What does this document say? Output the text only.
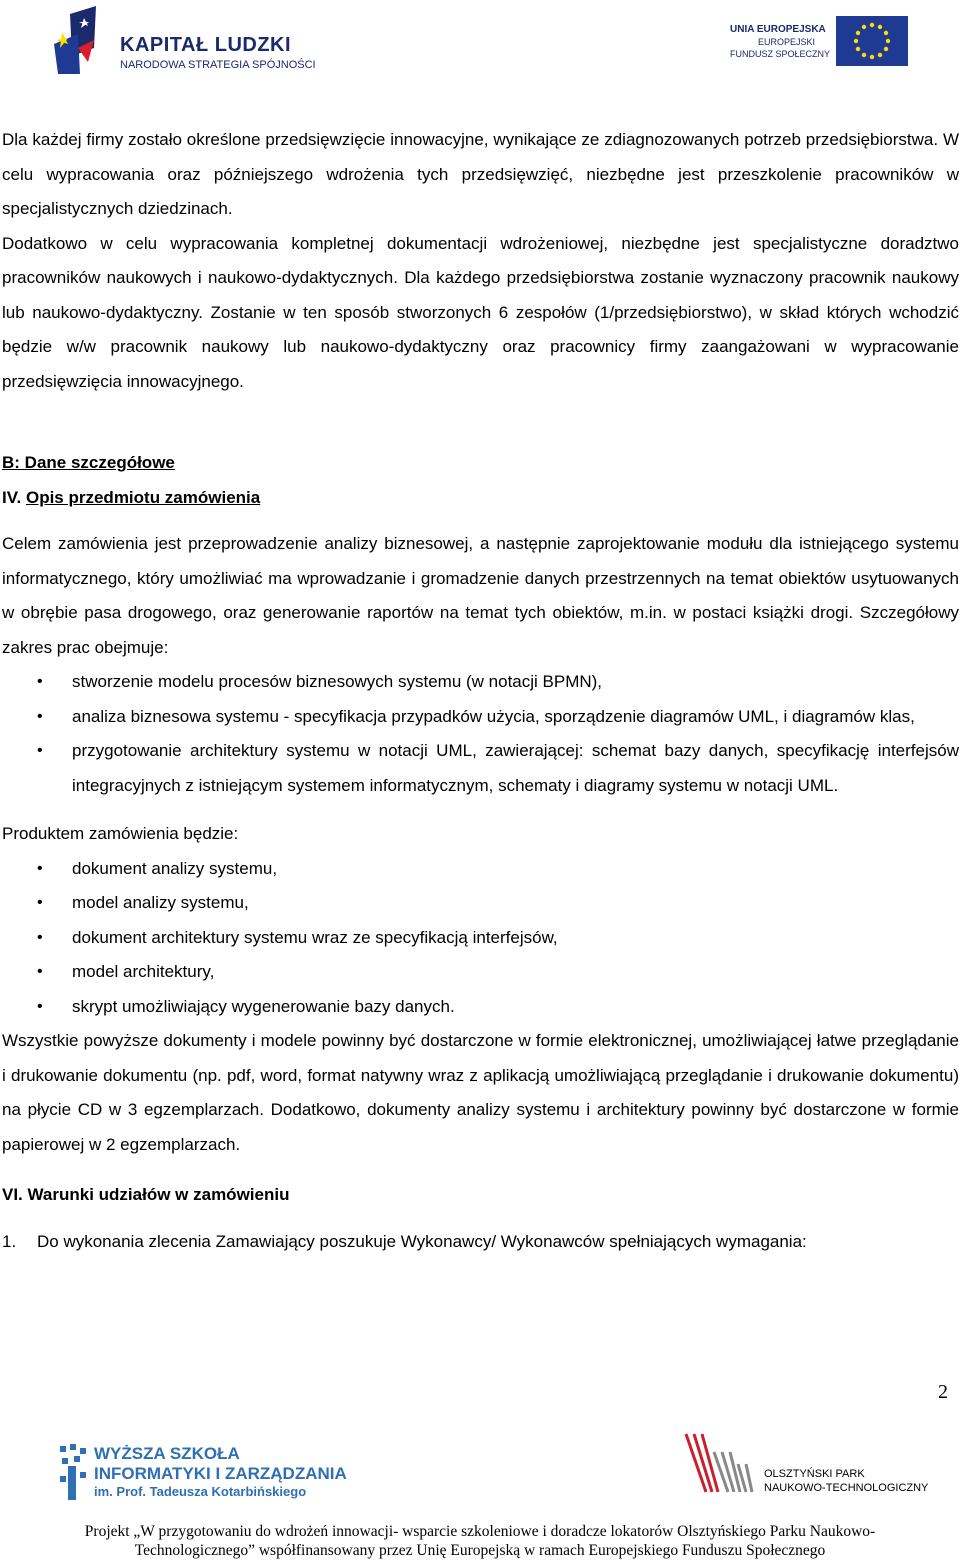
KAPITAŁ LUDZKI
NARODOWA STRATEGIA SPÓJNOŚCI
UNIA EUROPEJSKA
EUROPEJSKI
FUNDUSZ SPOŁECZNY

Dla każdej firmy zostało określone przedsięwzięcie innowacyjne, wynikające ze zdiagnozowanych potrzeb przedsiębiorstwa. W celu wypracowania oraz późniejszego wdrożenia tych przedsięwzięć, niezbędne jest przeszkolenie pracowników w specjalistycznych dziedzinach.

Dodatkowo w celu wypracowania kompletnej dokumentacji wdrożeniowej, niezbędne jest specjalistyczne doradztwo pracowników naukowych i naukowo-dydaktycznych. Dla każdego przedsiębiorstwa zostanie wyznaczony pracownik naukowy lub naukowo-dydaktyczny. Zostanie w ten sposób stworzonych 6 zespołów (1/przedsiębiorstwo), w skład których wchodzić będzie w/w pracownik naukowy lub naukowo-dydaktyczny oraz pracownicy firmy zaangażowani w wypracowanie przedsięwzięcia innowacyjnego.

B: Dane szczegółowe

IV. Opis przedmiotu zamówienia

Celem zamówienia jest przeprowadzenie analizy biznesowej, a następnie zaprojektowanie modułu dla istniejącego systemu informatycznego, który umożliwiać ma wprowadzanie i gromadzenie danych przestrzennych na temat obiektów usytuowanych w obrębie pasa drogowego, oraz generowanie raportów na temat tych obiektów, m.in. w postaci książki drogi. Szczegółowy zakres prac obejmuje:

• stworzenie modelu procesów biznesowych systemu (w notacji BPMN),
• analiza biznesowa systemu - specyfikacja przypadków użycia, sporządzenie diagramów UML, i diagramów klas,
• przygotowanie architektury systemu w notacji UML, zawierającej: schemat bazy danych, specyfikację interfejsów integracyjnych z istniejącym systemem informatycznym, schematy i diagramy systemu w notacji UML.

Produktem zamówienia będzie:

• dokument analizy systemu,
• model analizy systemu,
• dokument architektury systemu wraz ze specyfikacją interfejsów,
• model architektury,
• skrypt umożliwiający wygenerowanie bazy danych.

Wszystkie powyższe dokumenty i modele powinny być dostarczone w formie elektronicznej, umożliwiającej łatwe przeglądanie i drukowanie dokumentu (np. pdf, word, format natywny wraz z aplikacją umożliwiającą przeglądanie i drukowanie dokumentu) na płycie CD w 3 egzemplarzach. Dodatkowo, dokumenty analizy systemu i architektury powinny być dostarczone w formie papierowej w 2 egzemplarzach.

VI. Warunki udziałów w zamówieniu

1. Do wykonania zlecenia Zamawiający poszukuje Wykonawcy/ Wykonawców spełniających wymagania:

2
WYŻSZA SZKOŁA
INFORMATYKI I ZARZĄDZANIA
im. Prof. Tadeusza Kotarbińskiego
OLSZTYŃSKI PARK
NAUKOWO-TECHNOLOGICZNY
Projekt „W przygotowaniu do wdrożeń innowacji- wsparcie szkoleniowe i doradcze lokatorów Olsztyńskiego Parku Naukowo-
Technologicznego” współfinansowany przez Unię Europejską w ramach Europejskiego Funduszu Społecznego
